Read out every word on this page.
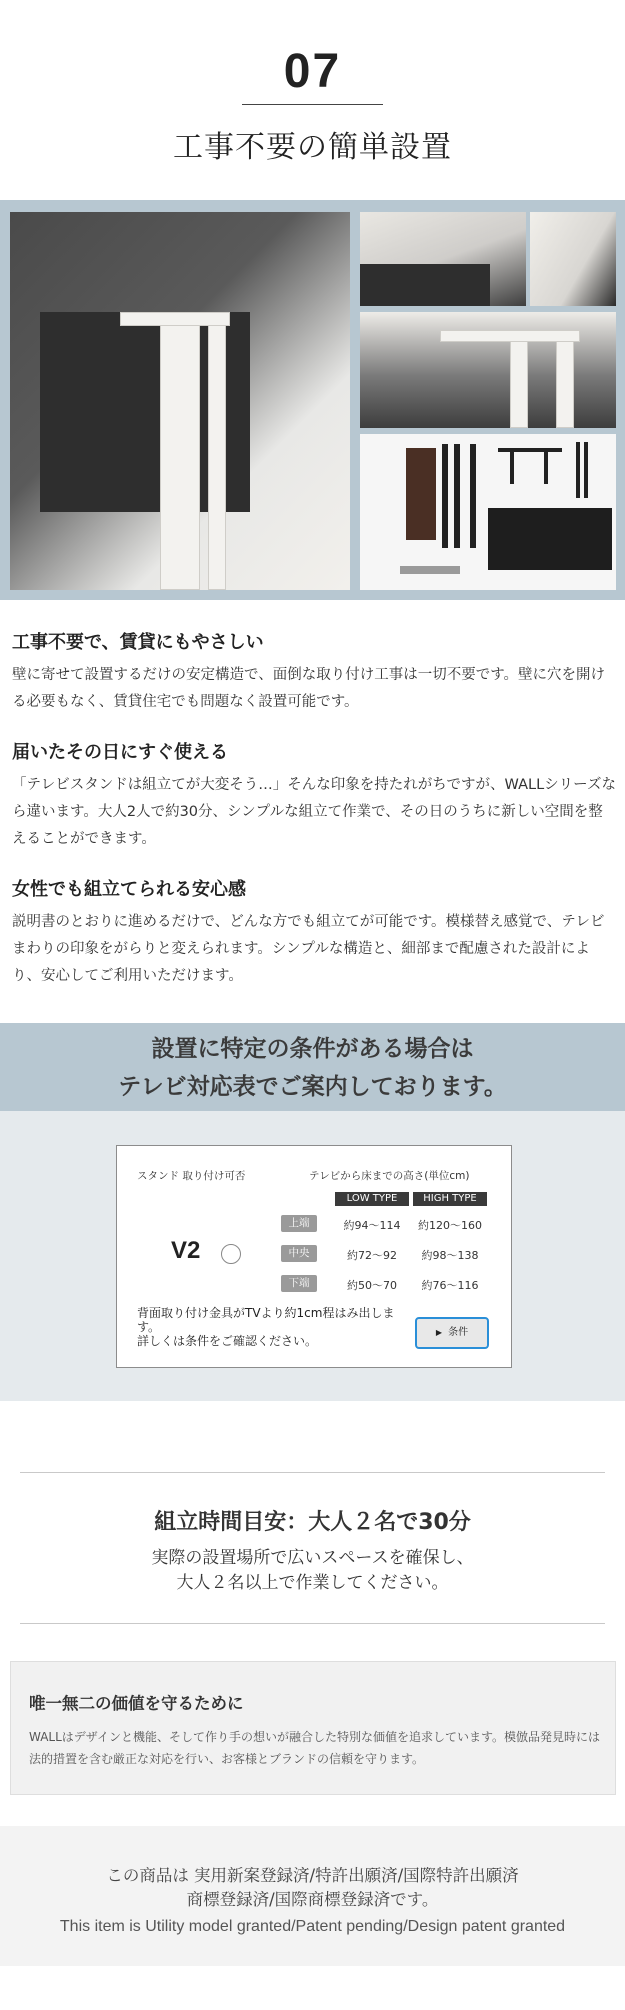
07
工事不要の簡単設置
工事不要で、賃貸にもやさしい

壁に寄せて設置するだけの安定構造で、面倒な取り付け工事は一切不要です。壁に穴を開ける必要もなく、賃貸住宅でも問題なく設置可能です。

届いたその日にすぐ使える

「テレビスタンドは組立てが大変そう…」そんな印象を持たれがちですが、WALLシリーズなら違います。大人2人で約30分、シンプルな組立て作業で、その日のうちに新しい空間を整えることができます。

女性でも組立てられる安心感

説明書のとおりに進めるだけで、どんな方でも組立てが可能です。模様替え感覚で、テレビまわりの印象をがらりと変えられます。シンプルな構造と、細部まで配慮された設計により、安心してご利用いただけます。

設置に特定の条件がある場合は
テレビ対応表でご案内しております。
スタンド 取り付け可否	テレビから床までの高さ(単位cm)
LOW TYPE	HIGH TYPE
V2
上端	約94～114	約120～160
中央	約72～92	約98～138
下端	約50～70	約76～116
背面取り付け金具がTVより約1cm程はみ出します。
詳しくは条件をご確認ください。
▶ 条件
組立時間目安：大人２名で30分

実際の設置場所で広いスペースを確保し、

大人２名以上で作業してください。

唯一無二の価値を守るために

WALLはデザインと機能、そして作り手の想いが融合した特別な価値を追求しています。模倣品発見時には法的措置を含む厳正な対応を行い、お客様とブランドの信頼を守ります。

この商品は 実用新案登録済/特許出願済/国際特許出願済
商標登録済/国際商標登録済です。
This item is Utility model granted/Patent pending/Design patent granted
